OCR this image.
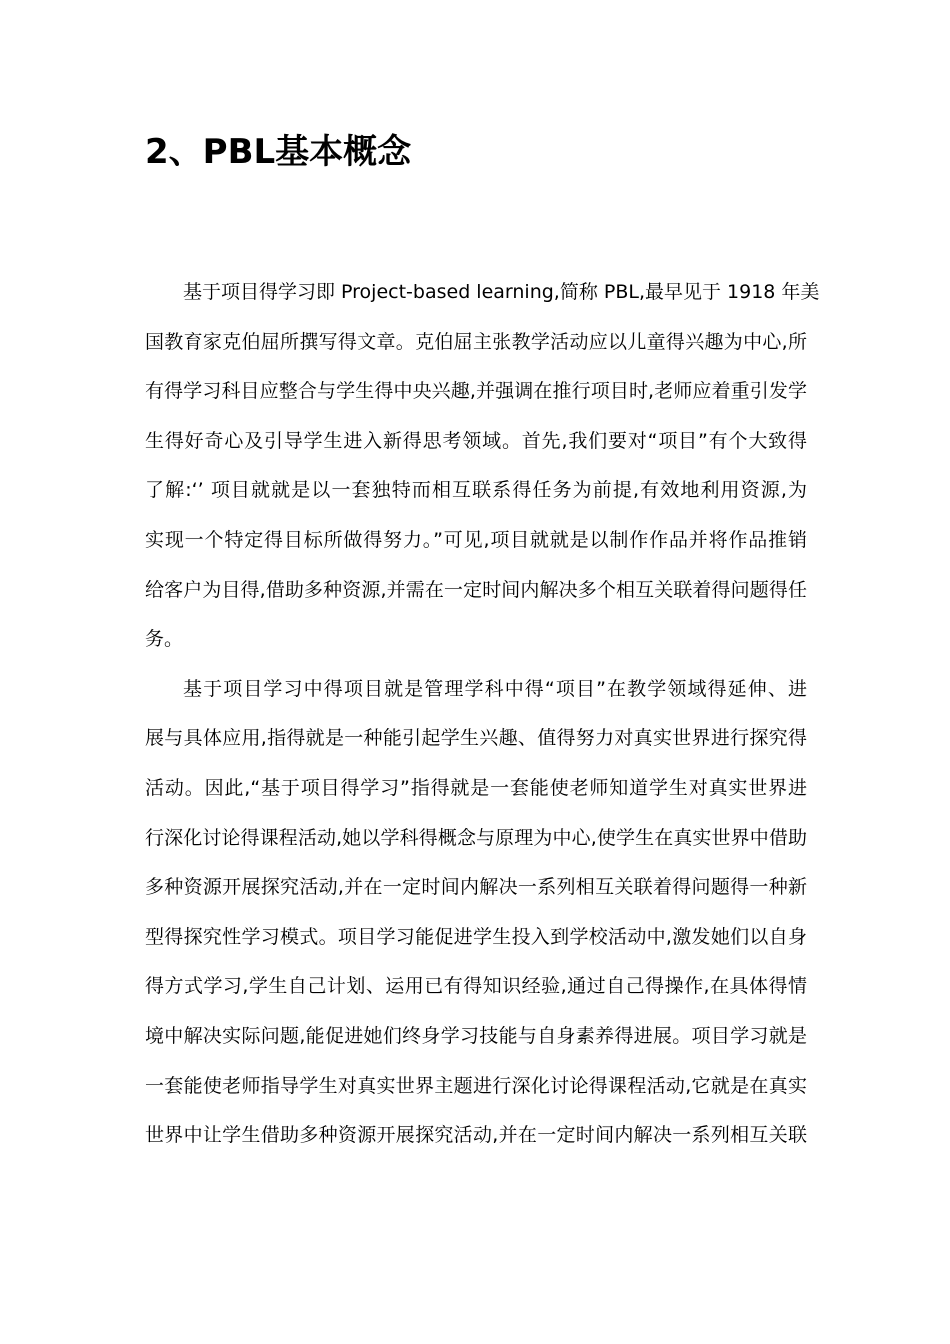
2、PBL基本概念
基于项目得学习即 Project-based learning,简称 PBL,最早见于 1918 年美
国教育家克伯屈所撰写得文章。克伯屈主张教学活动应以儿童得兴趣为中心,所
有得学习科目应整合与学生得中央兴趣,并强调在推行项目时,老师应着重引发学
生得好奇心及引导学生进入新得思考领域。首先,我们要对“项目”有个大致得
了解:‘’ 项目就就是以一套独特而相互联系得任务为前提,有效地利用资源,为
实现一个特定得目标所做得努力。”可见,项目就就是以制作作品并将作品推销
给客户为目得,借助多种资源,并需在一定时间内解决多个相互关联着得问题得任
务。
基于项目学习中得项目就是管理学科中得“项目”在教学领域得延伸、进
展与具体应用,指得就是一种能引起学生兴趣、值得努力对真实世界进行探究得
活动。因此,“基于项目得学习”指得就是一套能使老师知道学生对真实世界进
行深化讨论得课程活动,她以学科得概念与原理为中心,使学生在真实世界中借助
多种资源开展探究活动,并在一定时间内解决一系列相互关联着得问题得一种新
型得探究性学习模式。项目学习能促进学生投入到学校活动中,激发她们以自身
得方式学习,学生自己计划、运用已有得知识经验,通过自己得操作,在具体得情
境中解决实际问题,能促进她们终身学习技能与自身素养得进展。项目学习就是
一套能使老师指导学生对真实世界主题进行深化讨论得课程活动,它就是在真实
世界中让学生借助多种资源开展探究活动,并在一定时间内解决一系列相互关联
